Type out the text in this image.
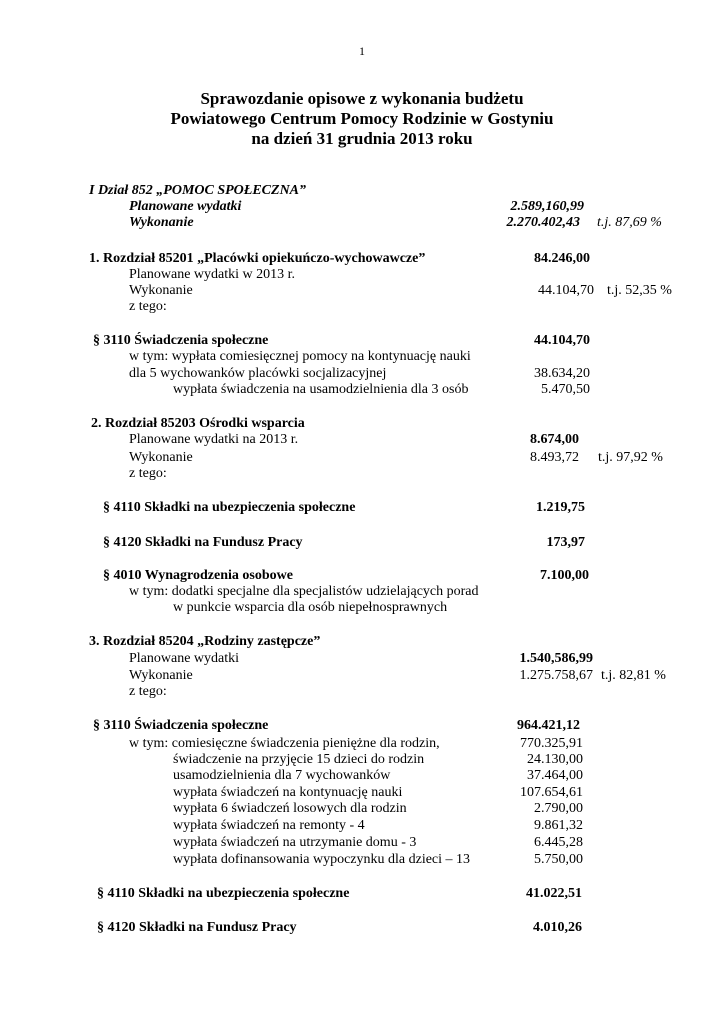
1
Sprawozdanie opisowe z wykonania budżetu
Powiatowego Centrum Pomocy Rodzinie w Gostyniu
na dzień 31 grudnia 2013 roku
I Dział 852 „POMOC SPOŁECZNA”
Planowane wydatki	2.589,160,99
Wykonanie	2.270.402,43 t.j. 87,69 %
1. Rozdział 85201 „Placówki opiekuńczo-wychowawcze”	84.246,00
Planowane wydatki w 2013 r.
Wykonanie	44.104,70 t.j. 52,35 %
z tego:
§ 3110 Świadczenia społeczne	44.104,70
w tym: wypłata comiesięcznej pomocy na kontynuację nauki
dla 5 wychowanków placówki socjalizacyjnej	38.634,20
wypłata świadczenia na usamodzielnienia dla 3 osób	5.470,50
2. Rozdział 85203 Ośrodki wsparcia
Planowane wydatki na 2013 r.	8.674,00
Wykonanie	8.493,72 t.j. 97,92 %
z tego:
§ 4110 Składki na ubezpieczenia społeczne	1.219,75
§ 4120 Składki na Fundusz Pracy	173,97
§ 4010 Wynagrodzenia osobowe	7.100,00
w tym: dodatki specjalne dla specjalistów udzielających porad
w punkcie wsparcia dla osób niepełnosprawnych
3. Rozdział 85204 „Rodziny zastępcze”
Planowane wydatki	1.540,586,99
Wykonanie	1.275.758,67 t.j. 82,81 %
z tego:
§ 3110 Świadczenia społeczne	964.421,12
w tym: comiesięczne świadczenia pieniężne dla rodzin,	770.325,91
świadczenie na przyjęcie 15 dzieci do rodzin	24.130,00
usamodzielnienia dla 7 wychowanków	37.464,00
wypłata świadczeń na kontynuację nauki	107.654,61
wypłata 6 świadczeń losowych dla rodzin	2.790,00
wypłata świadczeń na remonty - 4	9.861,32
wypłata świadczeń na utrzymanie domu - 3	6.445,28
wypłata dofinansowania wypoczynku dla dzieci – 13	5.750,00
§ 4110 Składki na ubezpieczenia społeczne	41.022,51
§ 4120 Składki na Fundusz Pracy	4.010,26
